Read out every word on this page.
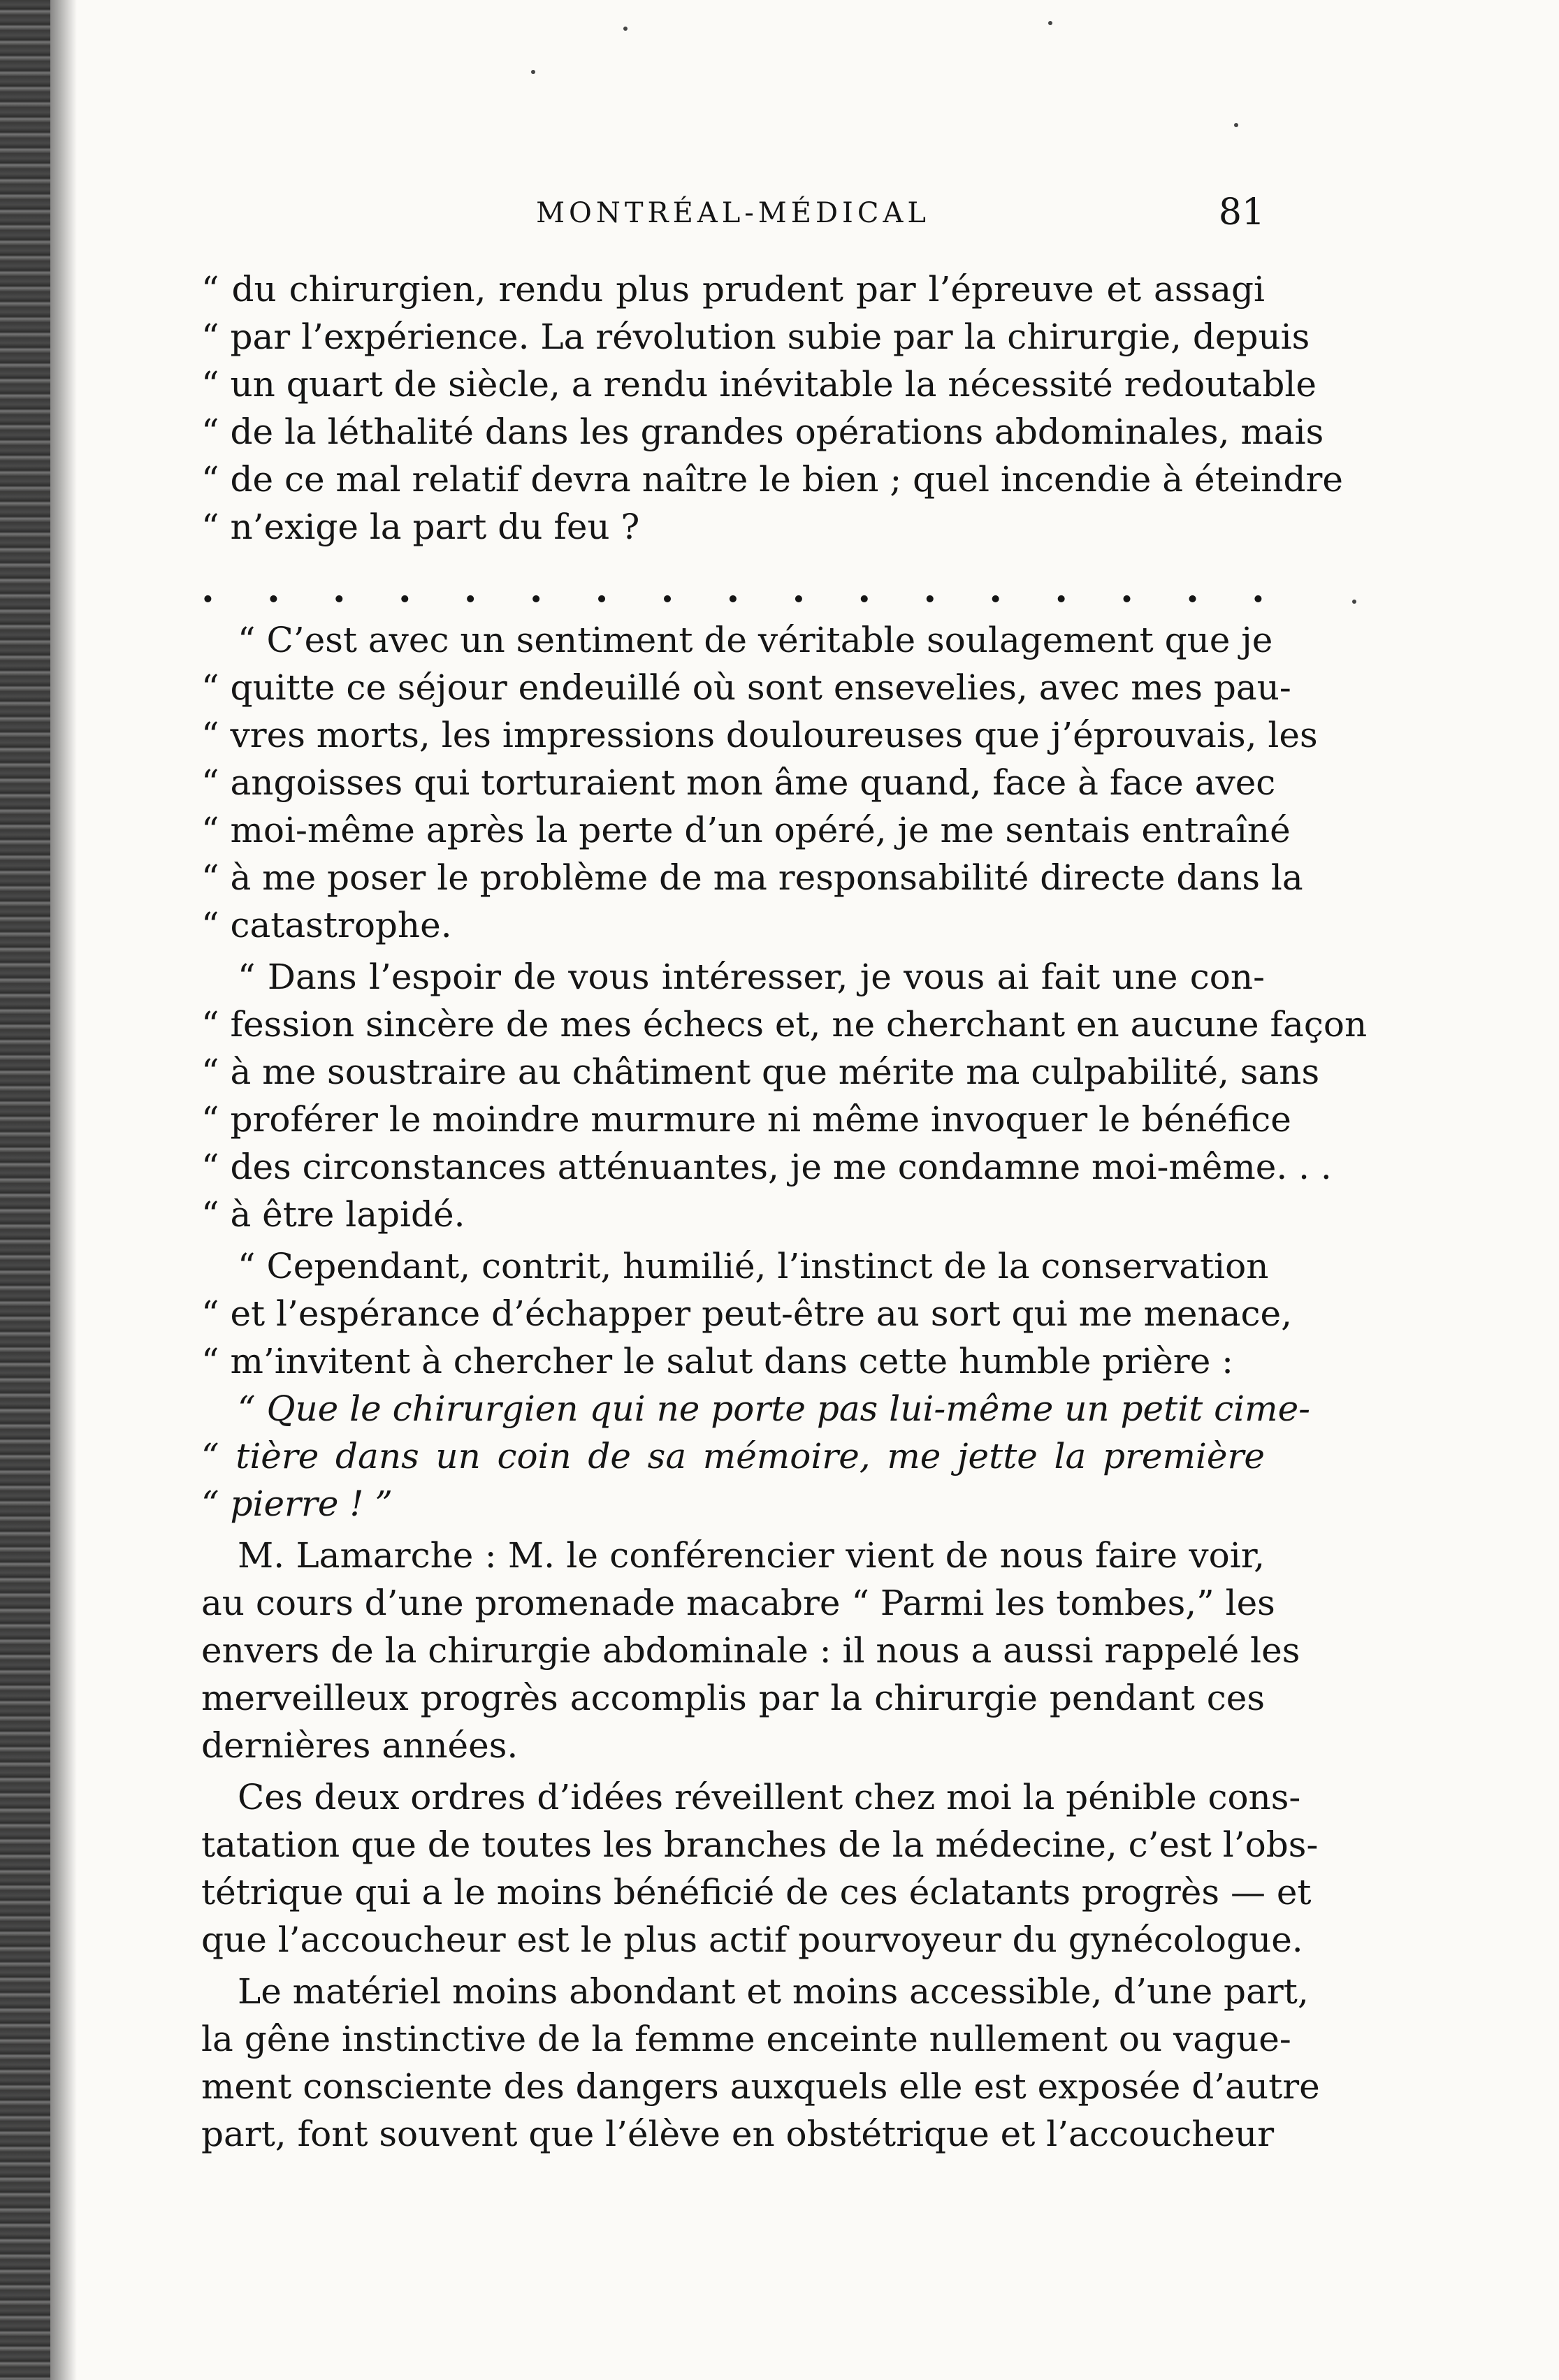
MONTRÉAL-MÉDICAL	81
“ du chirurgien, rendu plus prudent par l’épreuve et assagi
“ par l’expérience. La révolution subie par la chirurgie, depuis
“ un quart de siècle, a rendu inévitable la nécessité redoutable
“ de la léthalité dans les grandes opérations abdominales, mais
“ de ce mal relatif devra naître le bien ; quel incendie à éteindre
“ n’exige la part du feu ?
. . . . . . . . . . . . . . . . .
“ C’est avec un sentiment de véritable soulagement que je
“ quitte ce séjour endeuillé où sont ensevelies, avec mes pau-
“ vres morts, les impressions douloureuses que j’éprouvais, les
“ angoisses qui torturaient mon âme quand, face à face avec
“ moi-même après la perte d’un opéré, je me sentais entraîné
“ à me poser le problème de ma responsabilité directe dans la
“ catastrophe.
“ Dans l’espoir de vous intéresser, je vous ai fait une con-
“ fession sincère de mes échecs et, ne cherchant en aucune façon
“ à me soustraire au châtiment que mérite ma culpabilité, sans
“ proférer le moindre murmure ni même invoquer le bénéfice
“ des circonstances atténuantes, je me condamne moi-même. . .
“ à être lapidé.
“ Cependant, contrit, humilié, l’instinct de la conservation
“ et l’espérance d’échapper peut-être au sort qui me menace,
“ m’invitent à chercher le salut dans cette humble prière :
“ Que le chirurgien qui ne porte pas lui-même un petit cime-
“ tière dans un coin de sa mémoire, me jette la première
“ pierre ! ”
M. Lamarche : M. le conférencier vient de nous faire voir,
au cours d’une promenade macabre “ Parmi les tombes,” les
envers de la chirurgie abdominale : il nous a aussi rappelé les
merveilleux progrès accomplis par la chirurgie pendant ces
dernières années.
Ces deux ordres d’idées réveillent chez moi la pénible cons-
tatation que de toutes les branches de la médecine, c’est l’obs-
tétrique qui a le moins bénéficié de ces éclatants progrès — et
que l’accoucheur est le plus actif pourvoyeur du gynécologue.
Le matériel moins abondant et moins accessible, d’une part,
la gêne instinctive de la femme enceinte nullement ou vague-
ment consciente des dangers auxquels elle est exposée d’autre
part, font souvent que l’élève en obstétrique et l’accoucheur
